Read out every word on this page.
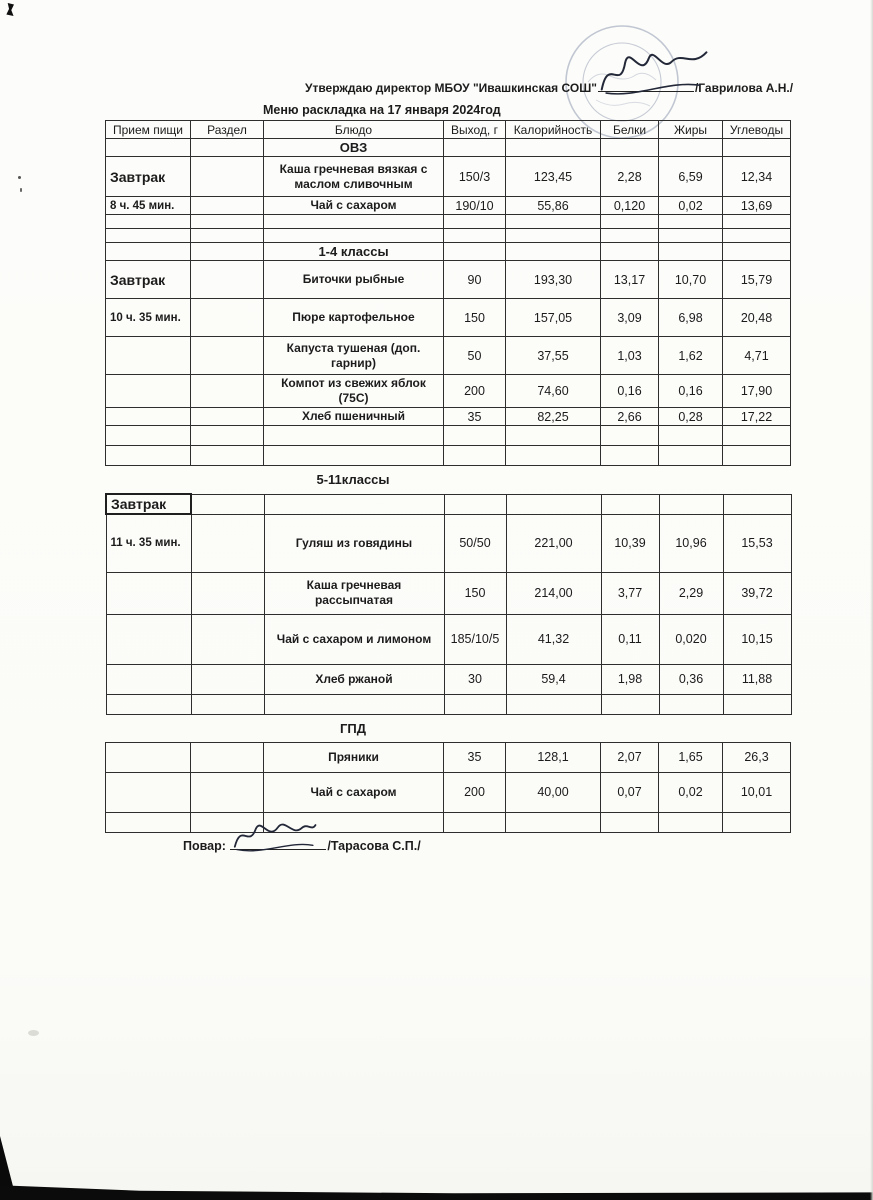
Утверждаю директор МБОУ "Ивашкинская СОШ"	/Гаврилова А.Н./
Меню раскладка на 17 января 2024год
Прием пищи	Раздел	Блюдо	Выход, г	Калорийность	Белки	Жиры	Углеводы
		ОВЗ					
Завтрак		Каша гречневая вязкая с маслом сливочным	150/3	123,45	2,28	6,59	12,34
8 ч. 45 мин.		Чай с сахаром	190/10	55,86	0,120	0,02	13,69

		1-4 классы					
Завтрак		Биточки рыбные	90	193,30	13,17	10,70	15,79
10 ч. 35 мин.		Пюре картофельное	150	157,05	3,09	6,98	20,48
		Капуста тушеная (доп. гарнир)	50	37,55	1,03	1,62	4,71
		Компот из свежих яблок (75С)	200	74,60	0,16	0,16	17,90
		Хлеб пшеничный	35	82,25	2,66	0,28	17,22

5-11классы
Завтрак							
11 ч. 35 мин.		Гуляш из говядины	50/50	221,00	10,39	10,96	15,53
		Каша гречневая рассыпчатая	150	214,00	3,77	2,29	39,72
		Чай с сахаром и лимоном	185/10/5	41,32	0,11	0,020	10,15
		Хлеб ржаной	30	59,4	1,98	0,36	11,88

ГПД
		Пряники	35	128,1	2,07	1,65	26,3
		Чай с сахаром	200	40,00	0,07	0,02	10,01

Повар:	/Тарасова С.П./
